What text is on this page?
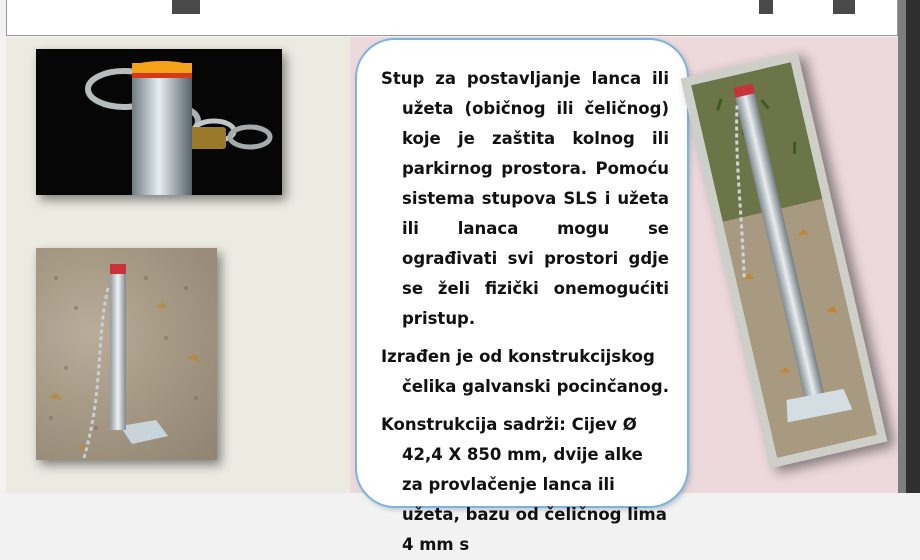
Stup za postavljanje lanca ili užeta (običnog ili čeličnog) koje je zaštita kolnog ili parkirnog prostora. Pomoću sistema stupova SLS i užeta ili lanaca mogu se ograđivati svi prostori gdje se želi fizički onemogućiti pristup.

Izrađen je od konstrukcijskog čelika galvanski pocinčanog.

Konstrukcija sadrži: Cijev Ø 42,4 X 850 mm, dvije alke za provlačenje lanca ili užeta, bazu od čeličnog lima 4 mm s
